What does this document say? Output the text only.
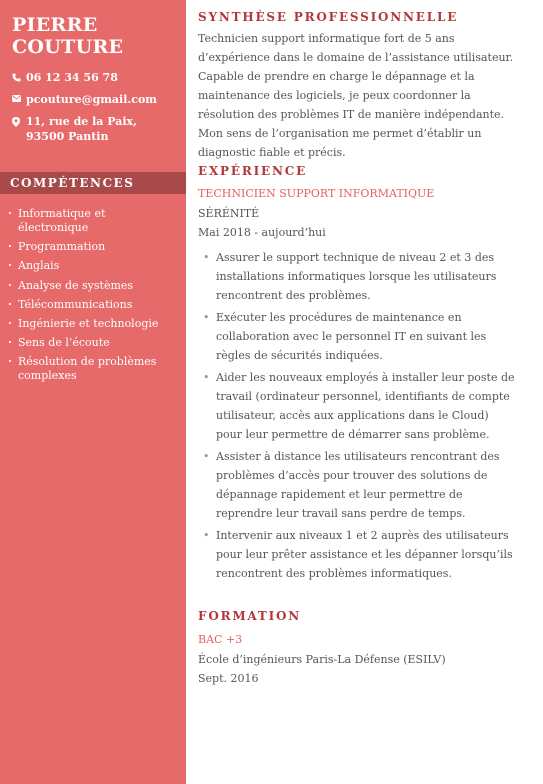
PIERRE
COUTURE
06 12 34 56 78
pcouture@gmail.com
11, rue de la Paix,
93500 Pantin
COMPÉTENCES
· Informatique et électronique
· Programmation
· Anglais
· Analyse de systèmes
· Télécommunications
· Ingénierie et technologie
· Sens de l’écoute
· Résolution de problèmes complexes
SYNTHÈSE PROFESSIONNELLE

Technicien support informatique fort de 5 ans d’expérience dans le domaine de l’assistance utilisateur. Capable de prendre en charge le dépannage et la maintenance des logiciels, je peux coordonner la résolution des problèmes IT de manière indépendante. Mon sens de l’organisation me permet d’établir un diagnostic fiable et précis.

EXPÉRIENCE
TECHNICIEN SUPPORT INFORMATIQUE
SÉRÉNITÉ
Mai 2018 - aujourd’hui
• Assurer le support technique de niveau 2 et 3 des installations informatiques lorsque les utilisateurs rencontrent des problèmes.
• Exécuter les procédures de maintenance en collaboration avec le personnel IT en suivant les règles de sécurités indiquées.
• Aider les nouveaux employés à installer leur poste de travail (ordinateur personnel, identifiants de compte utilisateur, accès aux applications dans le Cloud) pour leur permettre de démarrer sans problème.
• Assister à distance les utilisateurs rencontrant des problèmes d’accès pour trouver des solutions de dépannage rapidement et leur permettre de reprendre leur travail sans perdre de temps.
• Intervenir aux niveaux 1 et 2 auprès des utilisateurs pour leur prêter assistance et les dépanner lorsqu’ils rencontrent des problèmes informatiques.
FORMATION
BAC +3
École d’ingénieurs Paris-La Défense (ESILV)
Sept. 2016
